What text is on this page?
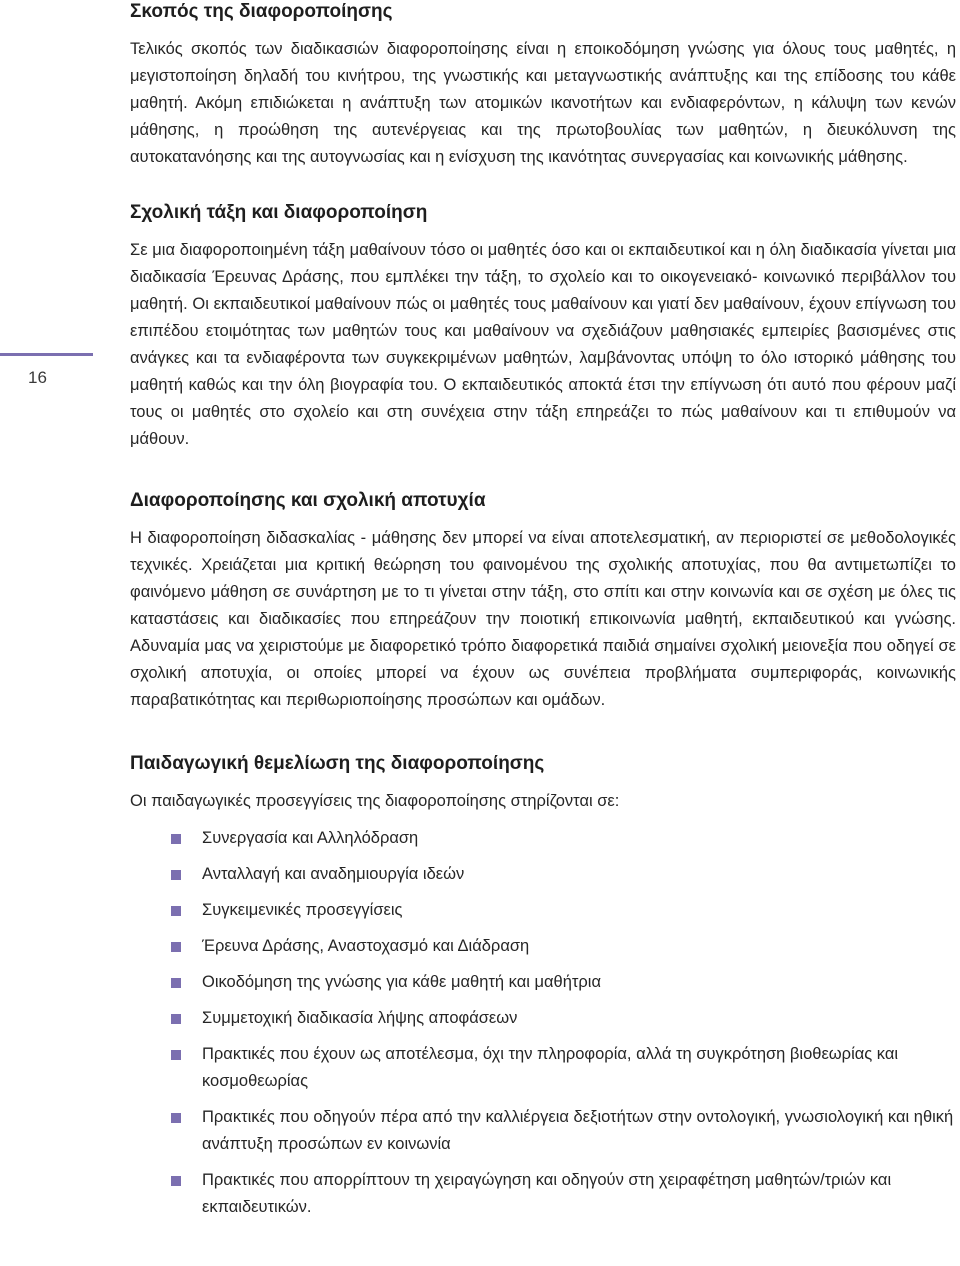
16
Σκοπός της διαφοροποίησης

Τελικός σκοπός των διαδικασιών διαφοροποίησης είναι η εποικοδόμηση γνώσης για όλους τους μαθητές, η μεγιστοποίηση δηλαδή του κινήτρου, της γνωστικής και μεταγνωστικής ανάπτυξης και της επίδοσης του κάθε μαθητή. Ακόμη επιδιώκεται η ανάπτυξη των ατομικών ικανοτήτων και ενδιαφερόντων, η κάλυψη των κενών μάθησης, η προώθηση της αυτενέργειας και της πρωτοβουλίας των μαθητών, η διευκόλυνση της αυτοκατανόησης και της αυτογνωσίας και η ενίσχυση της ικανότητας συνεργασίας και κοινωνικής μάθησης.

Σχολική τάξη και διαφοροποίηση

Σε μια διαφοροποιημένη τάξη μαθαίνουν τόσο οι μαθητές όσο και οι εκπαιδευτικοί και η όλη διαδικασία γίνεται μια διαδικασία Έρευνας Δράσης, που εμπλέκει την τάξη, το σχολείο και το οικογενειακό- κοινωνικό περιβάλλον του μαθητή. Οι εκπαιδευτικοί μαθαίνουν πώς οι μαθητές τους μαθαίνουν και γιατί δεν μαθαίνουν, έχουν επίγνωση του επιπέδου ετοιμότητας των μαθητών τους και μαθαίνουν να σχεδιάζουν μαθησιακές εμπειρίες βασισμένες στις ανάγκες και τα ενδιαφέροντα των συγκεκριμένων μαθητών, λαμβάνοντας υπόψη το όλο ιστορικό μάθησης του μαθητή καθώς και την όλη βιογραφία του. Ο εκπαιδευτικός αποκτά έτσι την επίγνωση ότι αυτό που φέρουν μαζί τους οι μαθητές στο σχολείο και στη συνέχεια στην τάξη επηρεάζει το πώς μαθαίνουν και τι επιθυμούν να μάθουν.

Διαφοροποίησης και σχολική αποτυχία

Η διαφοροποίηση διδασκαλίας - μάθησης δεν μπορεί να είναι αποτελεσματική, αν περιοριστεί σε μεθοδολογικές τεχνικές. Χρειάζεται μια κριτική θεώρηση του φαινομένου της σχολικής αποτυχίας, που θα αντιμετωπίζει το φαινόμενο μάθηση σε συνάρτηση με το τι γίνεται στην τάξη, στο σπίτι και στην κοινωνία και σε σχέση με όλες τις καταστάσεις και διαδικασίες που επηρεάζουν την ποιοτική επικοινωνία μαθητή, εκπαιδευτικού και γνώσης. Αδυναμία μας να χειριστούμε με διαφορετικό τρόπο διαφορετικά παιδιά σημαίνει σχολική μειονεξία που οδηγεί σε σχολική αποτυχία, οι οποίες μπορεί να έχουν ως συνέπεια προβλήματα συμπεριφοράς, κοινωνικής παραβατικότητας και περιθωριοποίησης προσώπων και ομάδων.

Παιδαγωγική θεμελίωση της διαφοροποίησης

Οι παιδαγωγικές προσεγγίσεις της διαφοροποίησης στηρίζονται σε:

Συνεργασία και Αλληλόδραση
Ανταλλαγή και αναδημιουργία ιδεών
Συγκειμενικές προσεγγίσεις
Έρευνα Δράσης, Αναστοχασμό και Διάδραση
Οικοδόμηση της γνώσης για κάθε μαθητή και μαθήτρια
Συμμετοχική διαδικασία λήψης αποφάσεων
Πρακτικές που έχουν ως αποτέλεσμα, όχι την πληροφορία, αλλά τη συγκρότηση βιοθεωρίας και κοσμοθεωρίας
Πρακτικές που οδηγούν πέρα από την καλλιέργεια δεξιοτήτων στην οντολογική, γνωσιολογική και ηθική ανάπτυξη προσώπων εν κοινωνία
Πρακτικές που απορρίπτουν τη χειραγώγηση και οδηγούν στη χειραφέτηση μαθητών/τριών και εκπαιδευτικών.
